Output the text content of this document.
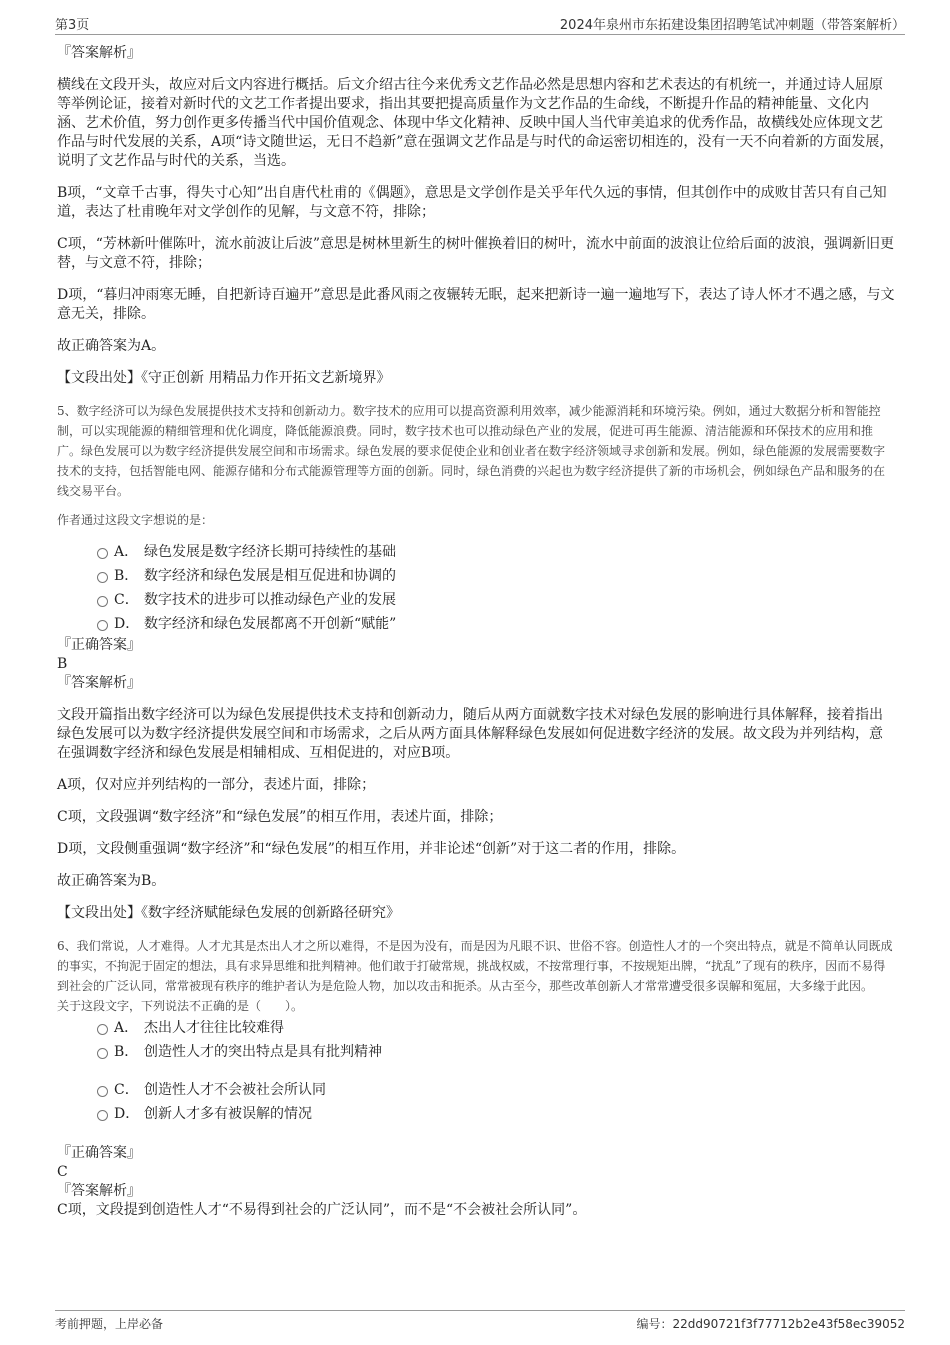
第3页	2024年泉州市东拓建设集团招聘笔试冲刺题（带答案解析）

『答案解析』

横线在文段开头，故应对后文内容进行概括。后文介绍古往今来优秀文艺作品必然是思想内容和艺术表达的有机统一，并通过诗人屈原等举例论证，接着对新时代的文艺工作者提出要求，指出其要把提高质量作为文艺作品的生命线，不断提升作品的精神能量、文化内涵、艺术价值，努力创作更多传播当代中国价值观念、体现中华文化精神、反映中国人当代审美追求的优秀作品，故横线处应体现文艺作品与时代发展的关系，A项“诗文随世运，无日不趋新”意在强调文艺作品是与时代的命运密切相连的，没有一天不向着新的方面发展，说明了文艺作品与时代的关系，当选。

B项，“文章千古事，得失寸心知”出自唐代杜甫的《偶题》，意思是文学创作是关乎年代久远的事情，但其创作中的成败甘苦只有自己知道，表达了杜甫晚年对文学创作的见解，与文意不符，排除；

C项，“芳林新叶催陈叶，流水前波让后波”意思是树林里新生的树叶催换着旧的树叶，流水中前面的波浪让位给后面的波浪，强调新旧更替，与文意不符，排除；

D项，“暮归冲雨寒无睡，自把新诗百遍开”意思是此番风雨之夜辗转无眠，起来把新诗一遍一遍地写下，表达了诗人怀才不遇之感，与文意无关，排除。

故正确答案为A。

【文段出处】《守正创新 用精品力作开拓文艺新境界》

5、数字经济可以为绿色发展提供技术支持和创新动力。数字技术的应用可以提高资源利用效率，减少能源消耗和环境污染。例如，通过大数据分析和智能控制，可以实现能源的精细管理和优化调度，降低能源浪费。同时，数字技术也可以推动绿色产业的发展，促进可再生能源、清洁能源和环保技术的应用和推广。绿色发展可以为数字经济提供发展空间和市场需求。绿色发展的要求促使企业和创业者在数字经济领域寻求创新和发展。例如，绿色能源的发展需要数字技术的支持，包括智能电网、能源存储和分布式能源管理等方面的创新。同时，绿色消费的兴起也为数字经济提供了新的市场机会，例如绿色产品和服务的在线交易平台。

作者通过这段文字想说的是：

A． 绿色发展是数字经济长期可持续性的基础
B． 数字经济和绿色发展是相互促进和协调的
C． 数字技术的进步可以推动绿色产业的发展
D． 数字经济和绿色发展都离不开创新“赋能”

『正确答案』

B

『答案解析』

文段开篇指出数字经济可以为绿色发展提供技术支持和创新动力，随后从两方面就数字技术对绿色发展的影响进行具体解释，接着指出绿色发展可以为数字经济提供发展空间和市场需求，之后从两方面具体解释绿色发展如何促进数字经济的发展。故文段为并列结构，意在强调数字经济和绿色发展是相辅相成、互相促进的，对应B项。

A项，仅对应并列结构的一部分，表述片面，排除；

C项，文段强调“数字经济”和“绿色发展”的相互作用，表述片面，排除；

D项，文段侧重强调“数字经济”和“绿色发展”的相互作用，并非论述“创新”对于这二者的作用，排除。

故正确答案为B。

【文段出处】《数字经济赋能绿色发展的创新路径研究》

6、我们常说，人才难得。人才尤其是杰出人才之所以难得，不是因为没有，而是因为凡眼不识、世俗不容。创造性人才的一个突出特点，就是不简单认同既成的事实，不拘泥于固定的想法，具有求异思维和批判精神。他们敢于打破常规，挑战权威，不按常理行事，不按规矩出牌，“扰乱”了现有的秩序，因而不易得到社会的广泛认同，常常被现有秩序的维护者认为是危险人物，加以攻击和扼杀。从古至今，那些改革创新人才常常遭受很多误解和冤屈，大多缘于此因。

关于这段文字，下列说法不正确的是（　　）。

A． 杰出人才往往比较难得
B． 创造性人才的突出特点是具有批判精神
C． 创造性人才不会被社会所认同
D． 创新人才多有被误解的情况

『正确答案』

C

『答案解析』

C项，文段提到创造性人才“不易得到社会的广泛认同”，而不是“不会被社会所认同”。

考前押题，上岸必备	编号：22dd90721f3f77712b2e43f58ec39052
